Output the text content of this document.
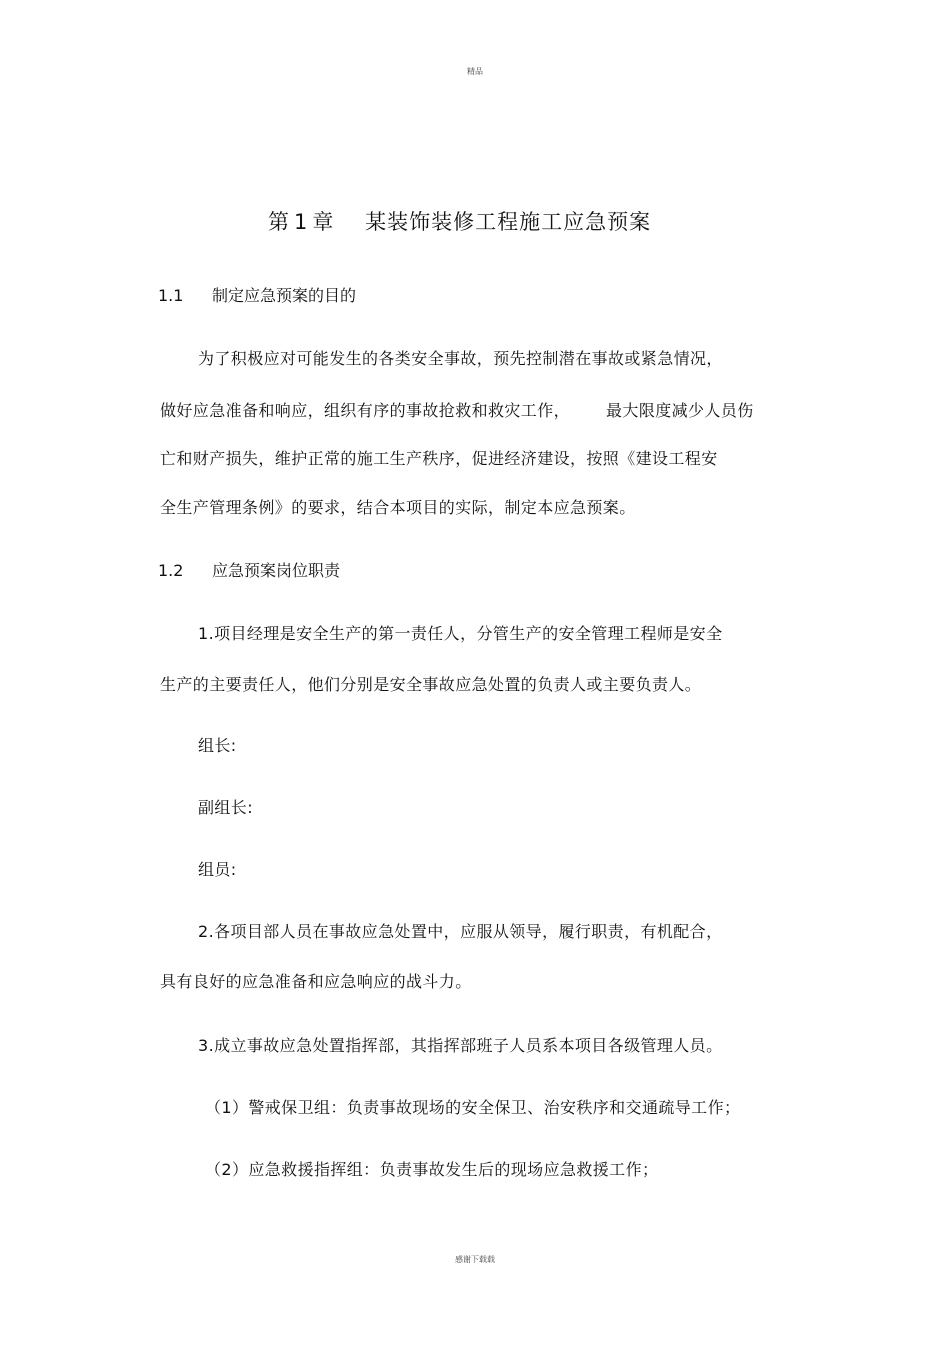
精品
第 1 章 某装饰装修工程施工应急预案
1.1 制定应急预案的目的
为了积极应对可能发生的各类安全事故，预先控制潜在事故或紧急情况，
做好应急准备和响应，组织有序的事故抢救和救灾工作， 最大限度减少人员伤
亡和财产损失，维护正常的施工生产秩序，促进经济建设，按照《建设工程安
全生产管理条例》的要求，结合本项目的实际，制定本应急预案。
1.2 应急预案岗位职责
1.项目经理是安全生产的第一责任人，分管生产的安全管理工程师是安全
生产的主要责任人，他们分别是安全事故应急处置的负责人或主要负责人。
组长:
副组长:
组员:
2.各项目部人员在事故应急处置中，应服从领导，履行职责，有机配合，
具有良好的应急准备和应急响应的战斗力。
3.成立事故应急处置指挥部，其指挥部班子人员系本项目各级管理人员。
（1）警戒保卫组：负责事故现场的安全保卫、治安秩序和交通疏导工作；
（2）应急救援指挥组：负责事故发生后的现场应急救援工作；
感谢下载载
